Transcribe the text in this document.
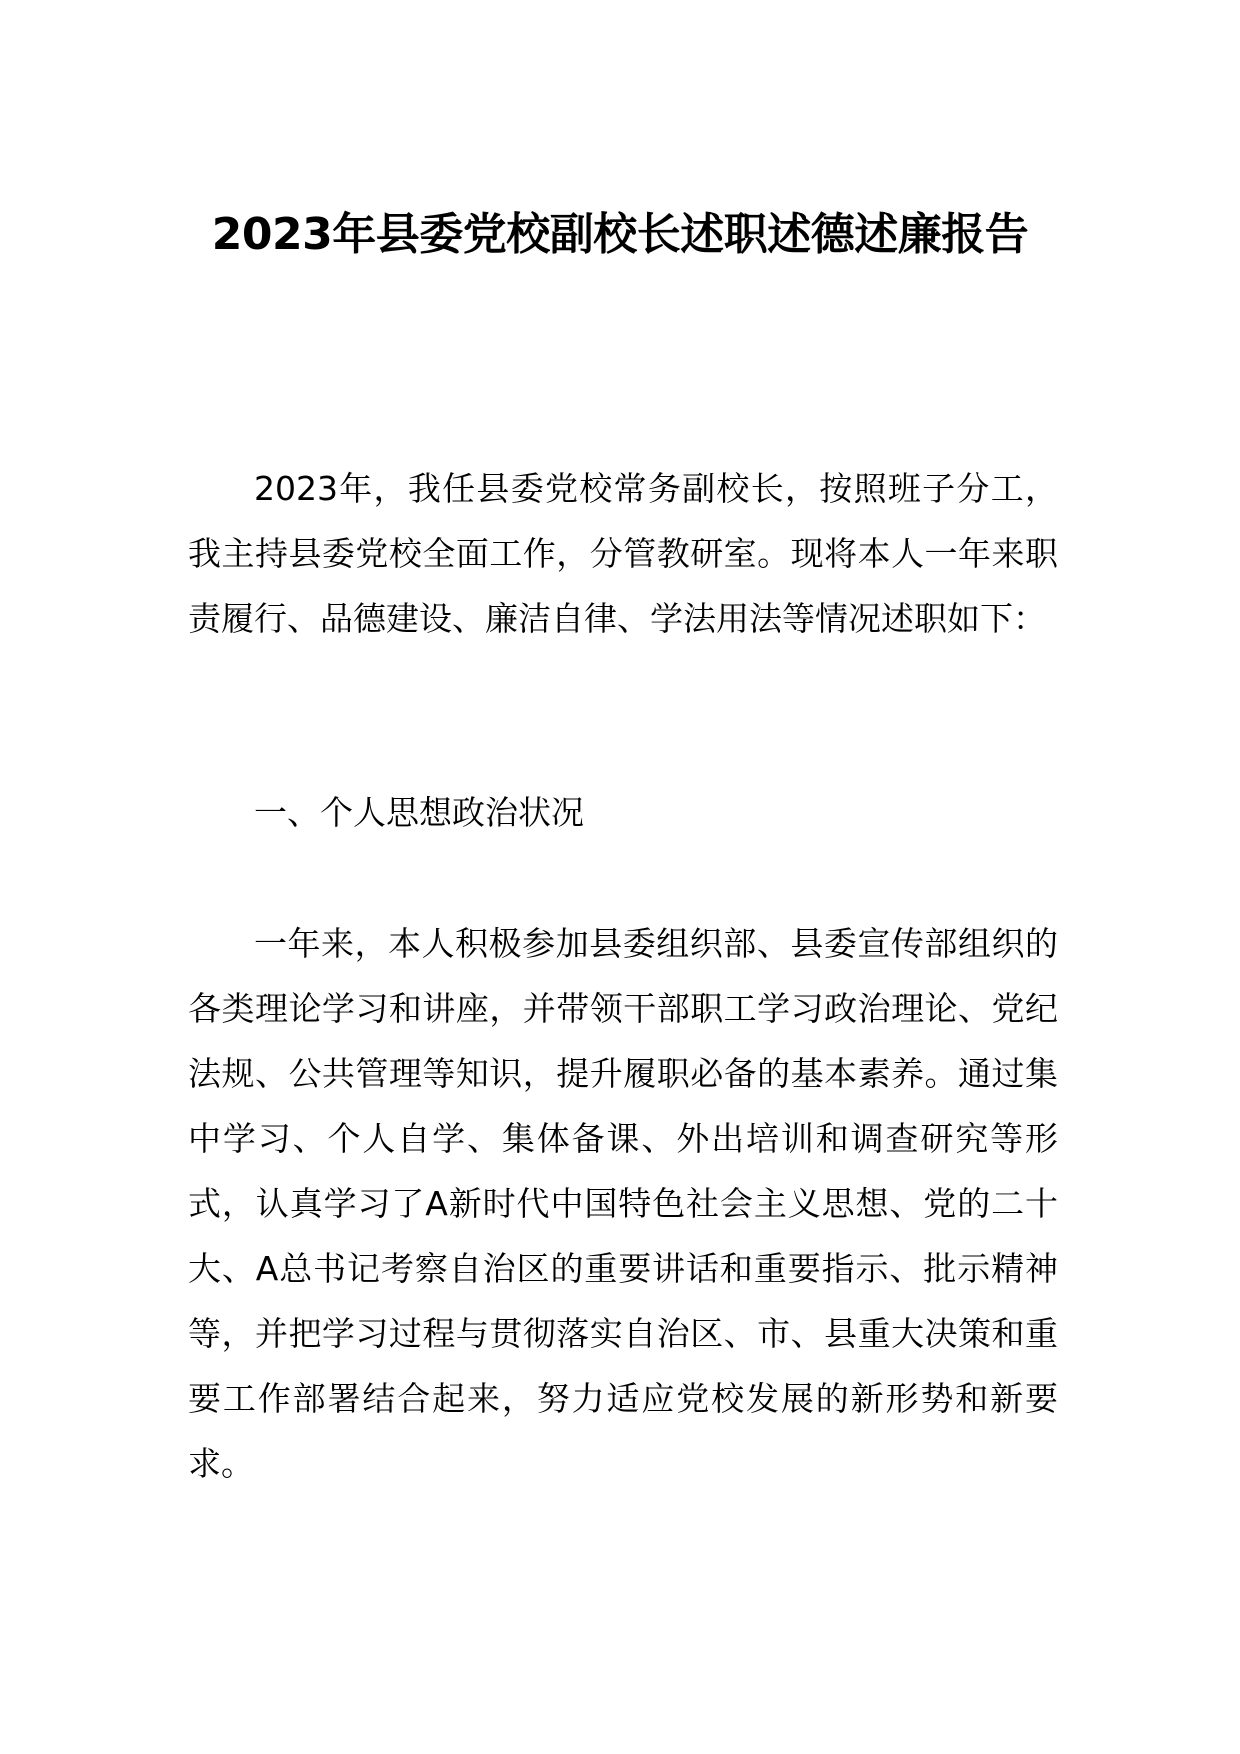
2023年县委党校副校长述职述德述廉报告

2023年，我任县委党校常务副校长，按照班子分工，我主持县委党校全面工作，分管教研室。现将本人一年来职责履行、品德建设、廉洁自律、学法用法等情况述职如下：

一、个人思想政治状况

一年来，本人积极参加县委组织部、县委宣传部组织的各类理论学习和讲座，并带领干部职工学习政治理论、党纪法规、公共管理等知识，提升履职必备的基本素养。通过集中学习、个人自学、集体备课、外出培训和调查研究等形式，认真学习了A新时代中国特色社会主义思想、党的二十大、A总书记考察自治区的重要讲话和重要指示、批示精神等，并把学习过程与贯彻落实自治区、市、县重大决策和重要工作部署结合起来，努力适应党校发展的新形势和新要求。
